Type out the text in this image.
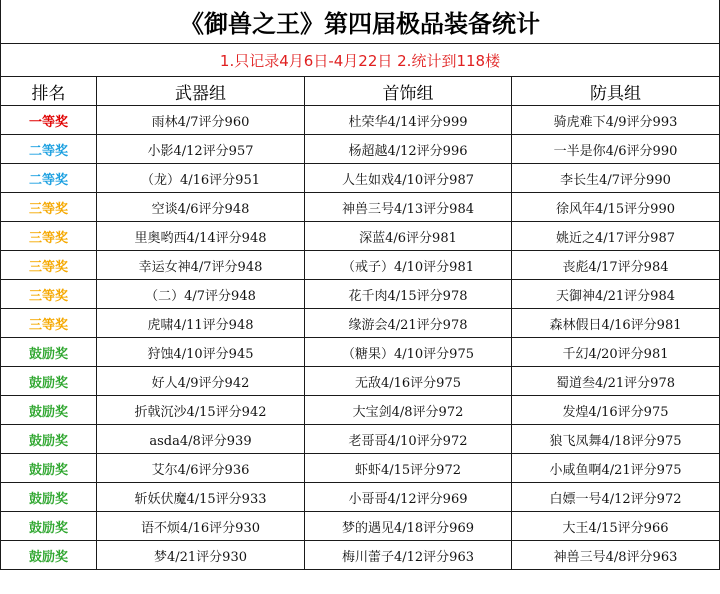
《御兽之王》第四届极品装备统计			
1.只记录4月6日-4月22日 2.统计到118楼			
排名	武器组	首饰组	防具组
一等奖	雨林4/7评分960	杜荣华4/14评分999	骑虎难下4/9评分993
二等奖	小影4/12评分957	杨超越4/12评分996	一半是你4/6评分990
二等奖	（龙）4/16评分951	人生如戏4/10评分987	李长生4/7评分990
三等奖	空谈4/6评分948	神兽三号4/13评分984	徐风年4/15评分990
三等奖	里奥哟西4/14评分948	深蓝4/6评分981	姚近之4/17评分987
三等奖	幸运女神4/7评分948	（戒子）4/10评分981	丧彪4/17评分984
三等奖	（二）4/7评分948	花千肉4/15评分978	天御神4/21评分984
三等奖	虎啸4/11评分948	缘游会4/21评分978	森林假日4/16评分981
鼓励奖	狩蚀4/10评分945	（糖果）4/10评分975	千幻4/20评分981
鼓励奖	好人4/9评分942	无敌4/16评分975	蜀道叁4/21评分978
鼓励奖	折戟沉沙4/15评分942	大宝剑4/8评分972	发煌4/16评分975
鼓励奖	asda4/8评分939	老哥哥4/10评分972	狼飞凤舞4/18评分975
鼓励奖	艾尔4/6评分936	虾虾4/15评分972	小咸鱼啊4/21评分975
鼓励奖	斩妖伏魔4/15评分933	小哥哥4/12评分969	白嫖一号4/12评分972
鼓励奖	语不烦4/16评分930	梦的遇见4/18评分969	大王4/15评分966
鼓励奖	梦4/21评分930	梅川蕾子4/12评分963	神兽三号4/8评分963
